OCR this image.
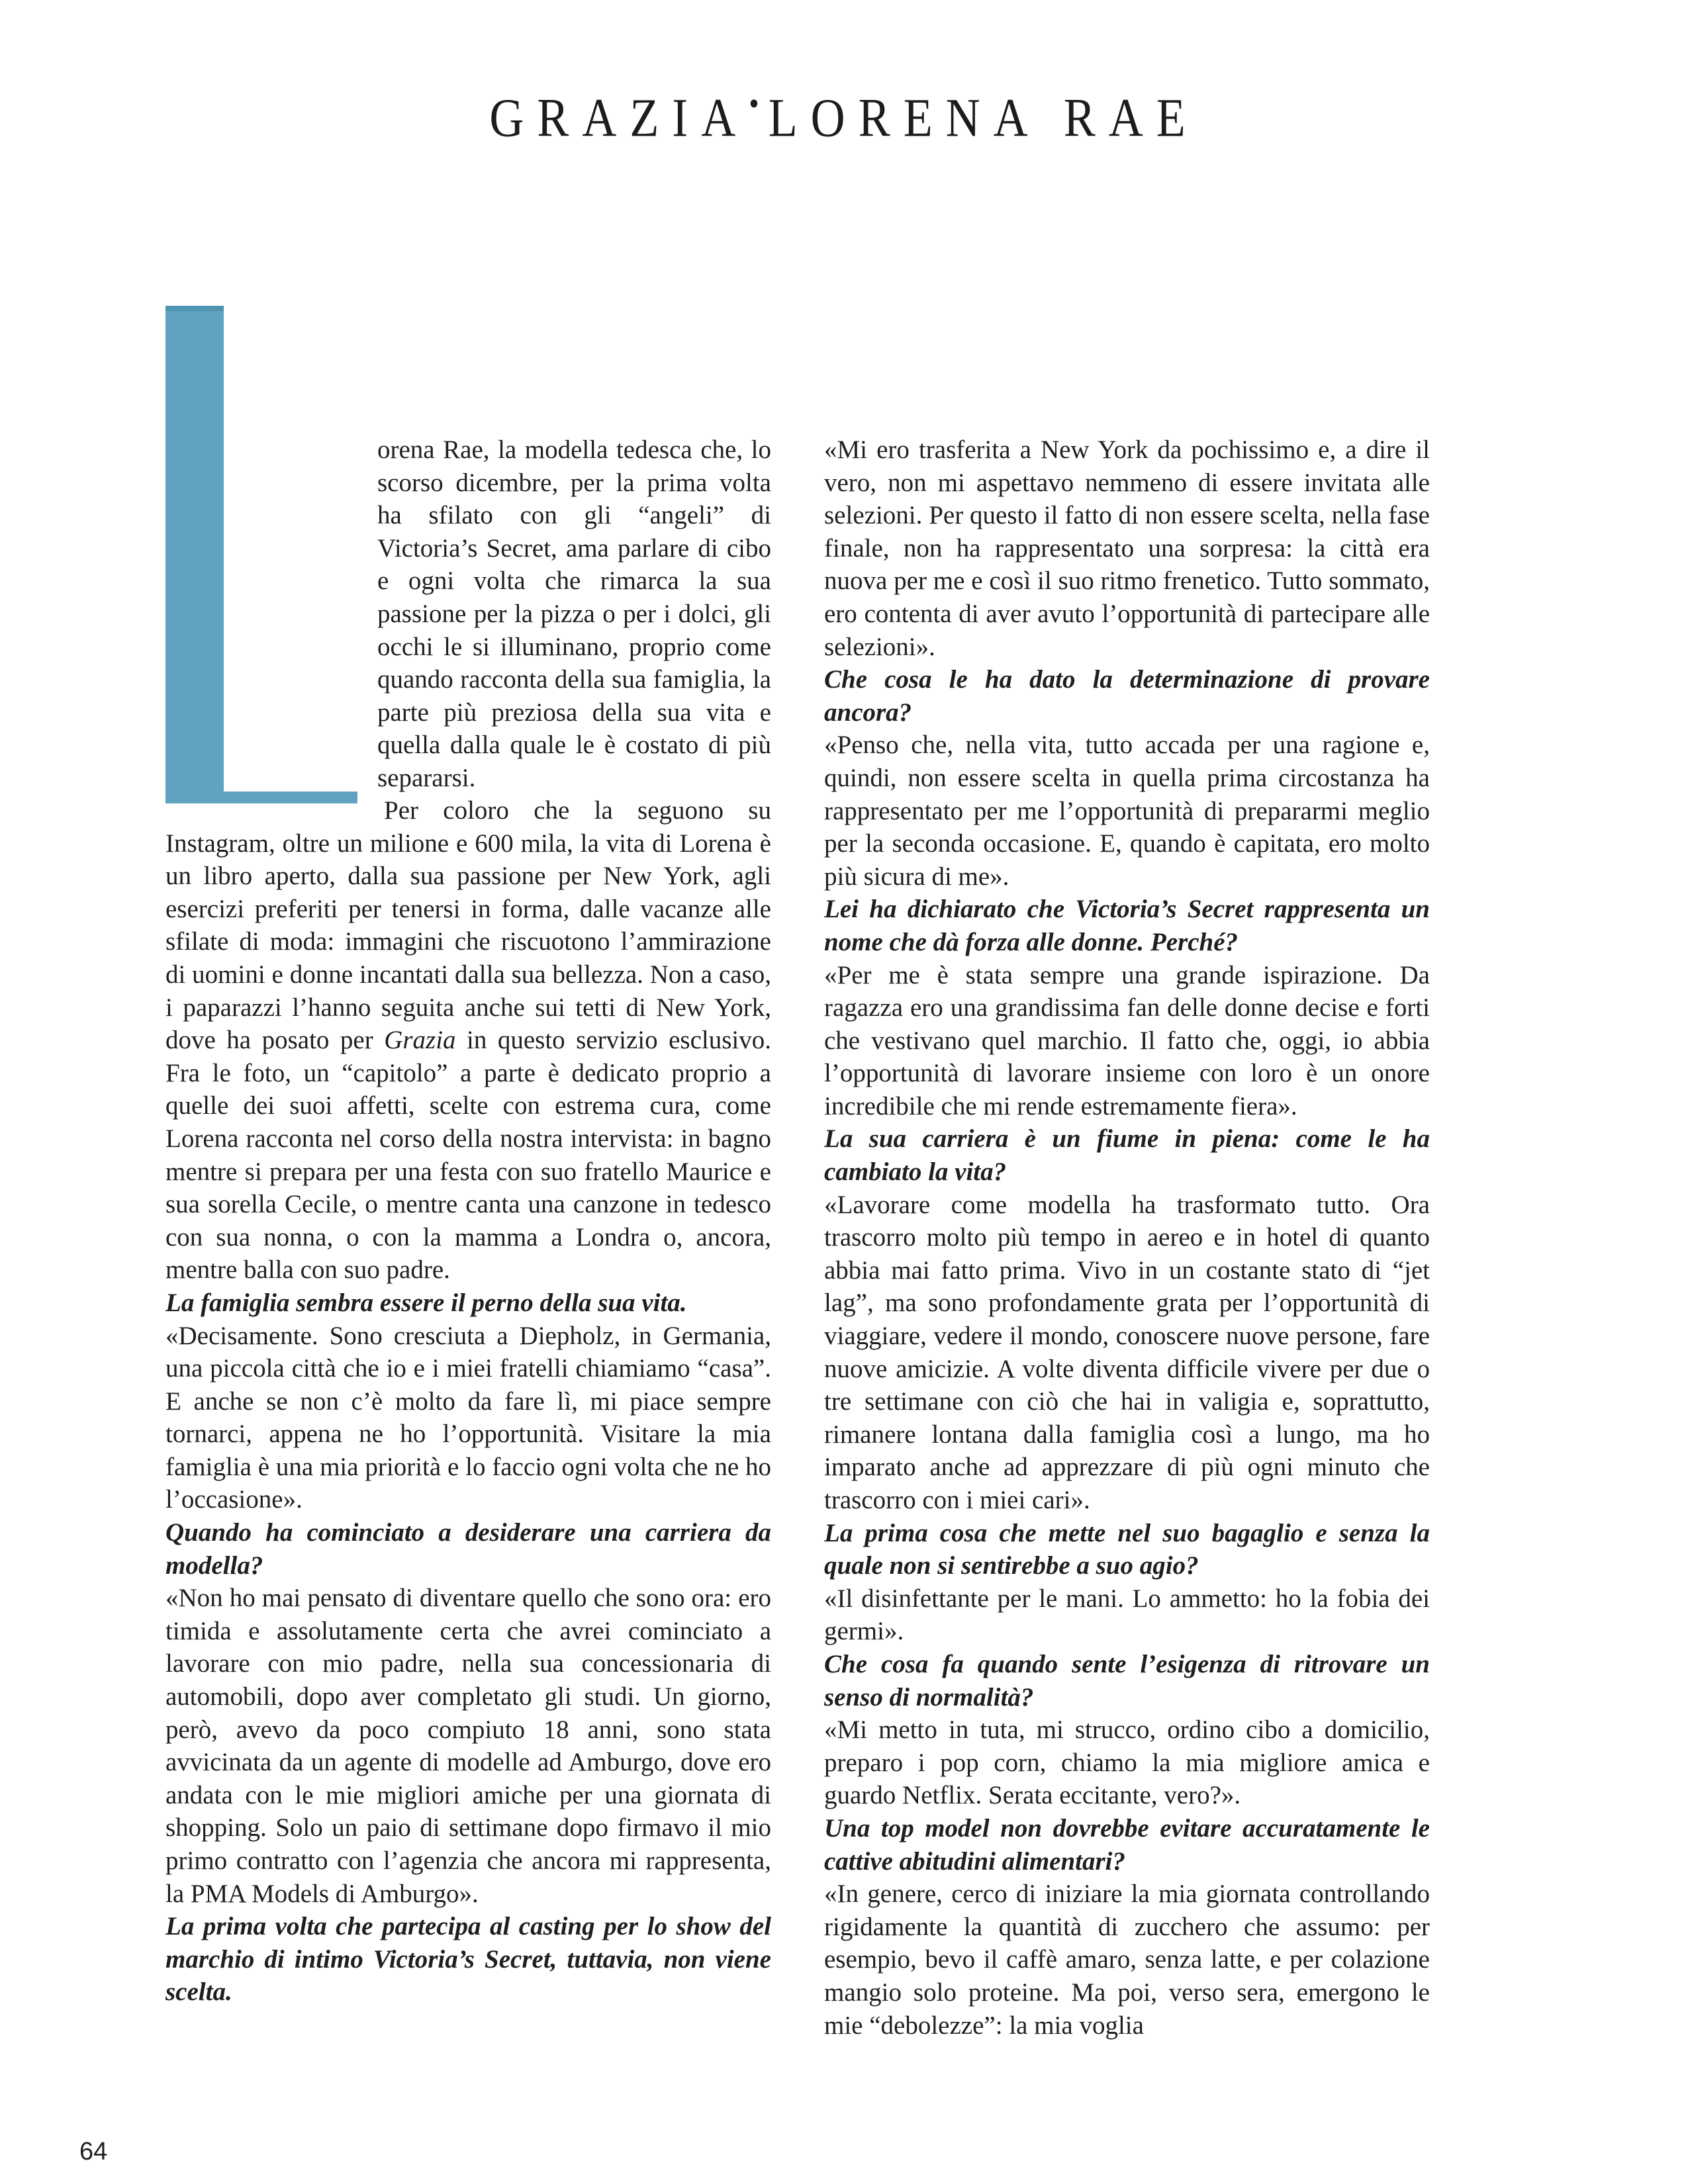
GRAZIA•LORENA RAE

orena Rae, la modella tedesca che, lo scorso dicembre, per la prima volta ha sfilato con gli “angeli” di Victoria’s Secret, ama parlare di cibo e ogni volta che rimarca la sua passione per la pizza o per i dolci, gli occhi le si illuminano, proprio come quando racconta della sua famiglia, la parte più preziosa della sua vita e quella dalla quale le è costato di più separarsi.

Per coloro che la seguono su Instagram, oltre un milione e 600 mila, la vita di Lorena è un libro aperto, dalla sua passione per New York, agli esercizi preferiti per tenersi in forma, dalle vacanze alle sfilate di moda: immagini che riscuotono l’ammirazione di uomini e donne incantati dalla sua bellezza. Non a caso, i paparazzi l’hanno seguita anche sui tetti di New York, dove ha posato per Grazia in questo servizio esclusivo. Fra le foto, un “capitolo” a parte è dedicato proprio a quelle dei suoi affetti, scelte con estrema cura, come Lorena racconta nel corso della nostra intervista: in bagno mentre si prepara per una festa con suo fratello Maurice e sua sorella Cecile, o mentre canta una canzone in tedesco con sua nonna, o con la mamma a Londra o, ancora, mentre balla con suo padre.

La famiglia sembra essere il perno della sua vita.

«Decisamente. Sono cresciuta a Diepholz, in Germania, una piccola città che io e i miei fratelli chiamiamo “casa”. E anche se non c’è molto da fare lì, mi piace sempre tornarci, appena ne ho l’opportunità. Visitare la mia famiglia è una mia priorità e lo faccio ogni volta che ne ho l’occasione».

Quando ha cominciato a desiderare una carriera da modella?

«Non ho mai pensato di diventare quello che sono ora: ero timida e assolutamente certa che avrei cominciato a lavorare con mio padre, nella sua concessionaria di automobili, dopo aver completato gli studi. Un giorno, però, avevo da poco compiuto 18 anni, sono stata avvicinata da un agente di modelle ad Amburgo, dove ero andata con le mie migliori amiche per una giornata di shopping. Solo un paio di settimane dopo firmavo il mio primo contratto con l’agenzia che ancora mi rappresenta, la PMA Models di Amburgo».

La prima volta che partecipa al casting per lo show del marchio di intimo Victoria’s Secret, tuttavia, non viene scelta.

«Mi ero trasferita a New York da pochissimo e, a dire il vero, non mi aspettavo nemmeno di essere invitata alle selezioni. Per questo il fatto di non essere scelta, nella fase finale, non ha rappresentato una sorpresa: la città era nuova per me e così il suo ritmo frenetico. Tutto sommato, ero contenta di aver avuto l’opportunità di partecipare alle selezioni».

Che cosa le ha dato la determinazione di provare ancora?

«Penso che, nella vita, tutto accada per una ragione e, quindi, non essere scelta in quella prima circostanza ha rappresentato per me l’opportunità di prepararmi meglio per la seconda occasione. E, quando è capitata, ero molto più sicura di me».

Lei ha dichiarato che Victoria’s Secret rappresenta un nome che dà forza alle donne. Perché?

«Per me è stata sempre una grande ispirazione. Da ragazza ero una grandissima fan delle donne decise e forti che vestivano quel marchio. Il fatto che, oggi, io abbia l’opportunità di lavorare insieme con loro è un onore incredibile che mi rende estremamente fiera».

La sua carriera è un fiume in piena: come le ha cambiato la vita?

«Lavorare come modella ha trasformato tutto. Ora trascorro molto più tempo in aereo e in hotel di quanto abbia mai fatto prima. Vivo in un costante stato di “jet lag”, ma sono profondamente grata per l’opportunità di viaggiare, vedere il mondo, conoscere nuove persone, fare nuove amicizie. A volte diventa difficile vivere per due o tre settimane con ciò che hai in valigia e, soprattutto, rimanere lontana dalla famiglia così a lungo, ma ho imparato anche ad apprezzare di più ogni minuto che trascorro con i miei cari».

La prima cosa che mette nel suo bagaglio e senza la quale non si sentirebbe a suo agio?

«Il disinfettante per le mani. Lo ammetto: ho la fobia dei germi».

Che cosa fa quando sente l’esigenza di ritrovare un senso di normalità?

«Mi metto in tuta, mi strucco, ordino cibo a domicilio, preparo i pop corn, chiamo la mia migliore amica e guardo Netflix. Serata eccitante, vero?».

Una top model non dovrebbe evitare accuratamente le cattive abitudini alimentari?

«In genere, cerco di iniziare la mia giornata controllando rigidamente la quantità di zucchero che assumo: per esempio, bevo il caffè amaro, senza latte, e per colazione mangio solo proteine. Ma poi, verso sera, emergono le mie “debolezze”: la mia voglia

64
